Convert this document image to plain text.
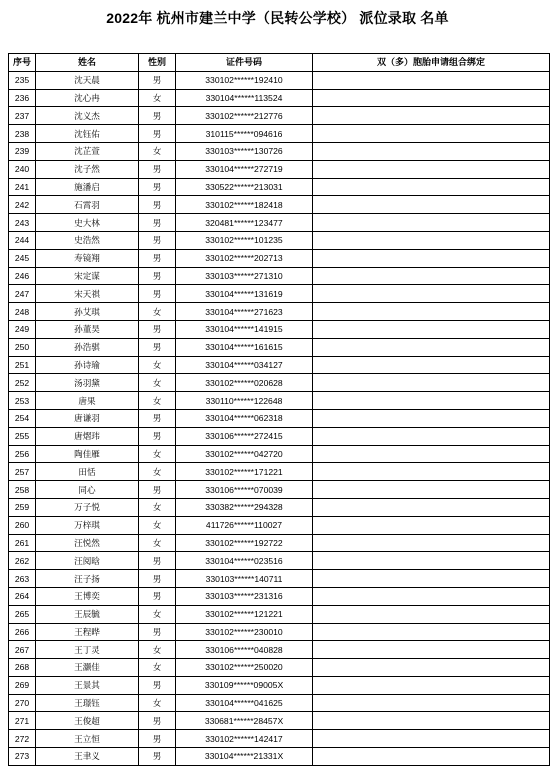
2022年 杭州市建兰中学（民转公学校） 派位录取 名单
序号	姓名	性别	证件号码	双（多）胞胎申请组合绑定
235	沈天晨	男	330102******192410	
236	沈心冉	女	330104******113524	
237	沈义杰	男	330102******212776	
238	沈钰佑	男	310115******094616	
239	沈芷萱	女	330103******130726	
240	沈子然	男	330104******272719	
241	施潘启	男	330522******213031	
242	石霄羽	男	330102******182418	
243	史大林	男	320481******123477	
244	史浩然	男	330102******101235	
245	寿镜翔	男	330102******202713	
246	宋定谋	男	330103******271310	
247	宋天祺	男	330104******131619	
248	孙艾琪	女	330104******271623	
249	孙董昊	男	330104******141915	
250	孙浩骐	男	330104******161615	
251	孙诗瑜	女	330104******034127	
252	汤羽黛	女	330102******020628	
253	唐果	女	330110******122648	
254	唐谦羽	男	330104******062318	
255	唐熠玮	男	330106******272415	
256	陶佳雁	女	330102******042720	
257	田恬	女	330102******171221	
258	同心	男	330106******070039	
259	万子悦	女	330382******294328	
260	万梓琪	女	411726******110027	
261	汪悦然	女	330102******192722	
262	汪阅晗	男	330104******023516	
263	汪子扬	男	330103******140711	
264	王博奕	男	330103******231316	
265	王辰毓	女	330102******121221	
266	王程晔	男	330102******230010	
267	王丁灵	女	330106******040828	
268	王灏佳	女	330102******250020	
269	王景其	男	330109******09005X	
270	王璟钰	女	330104******041625	
271	王俊超	男	330681******28457X	
272	王立恒	男	330102******142417	
273	王聿义	男	330104******21331X	
